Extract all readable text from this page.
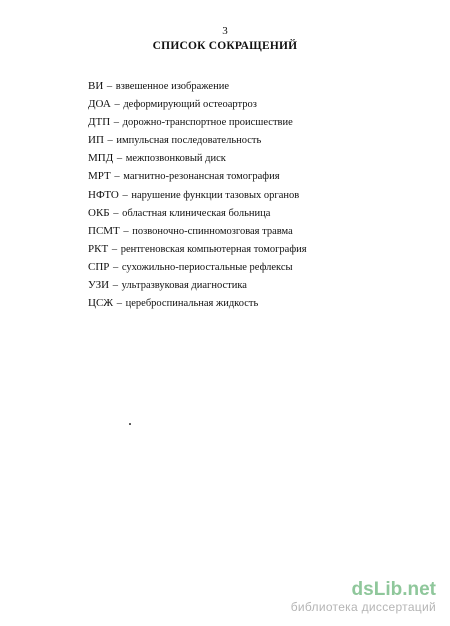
3
СПИСОК СОКРАЩЕНИЙ
ВИ – взвешенное изображение
ДОА – деформирующий остеоартроз
ДТП – дорожно-транспортное происшествие
ИП – импульсная последовательность
МПД – межпозвонковый диск
МРТ – магнитно-резонансная томография
НФТО – нарушение функции тазовых органов
ОКБ – областная клиническая больница
ПСМТ – позвоночно-спинномозговая травма
РКТ – рентгеновская компьютерная томография
СПР – сухожильно-периостальные рефлексы
УЗИ – ультразвуковая диагностика
ЦСЖ – цереброспинальная жидкость
dsLib.net
библиотека диссертаций
